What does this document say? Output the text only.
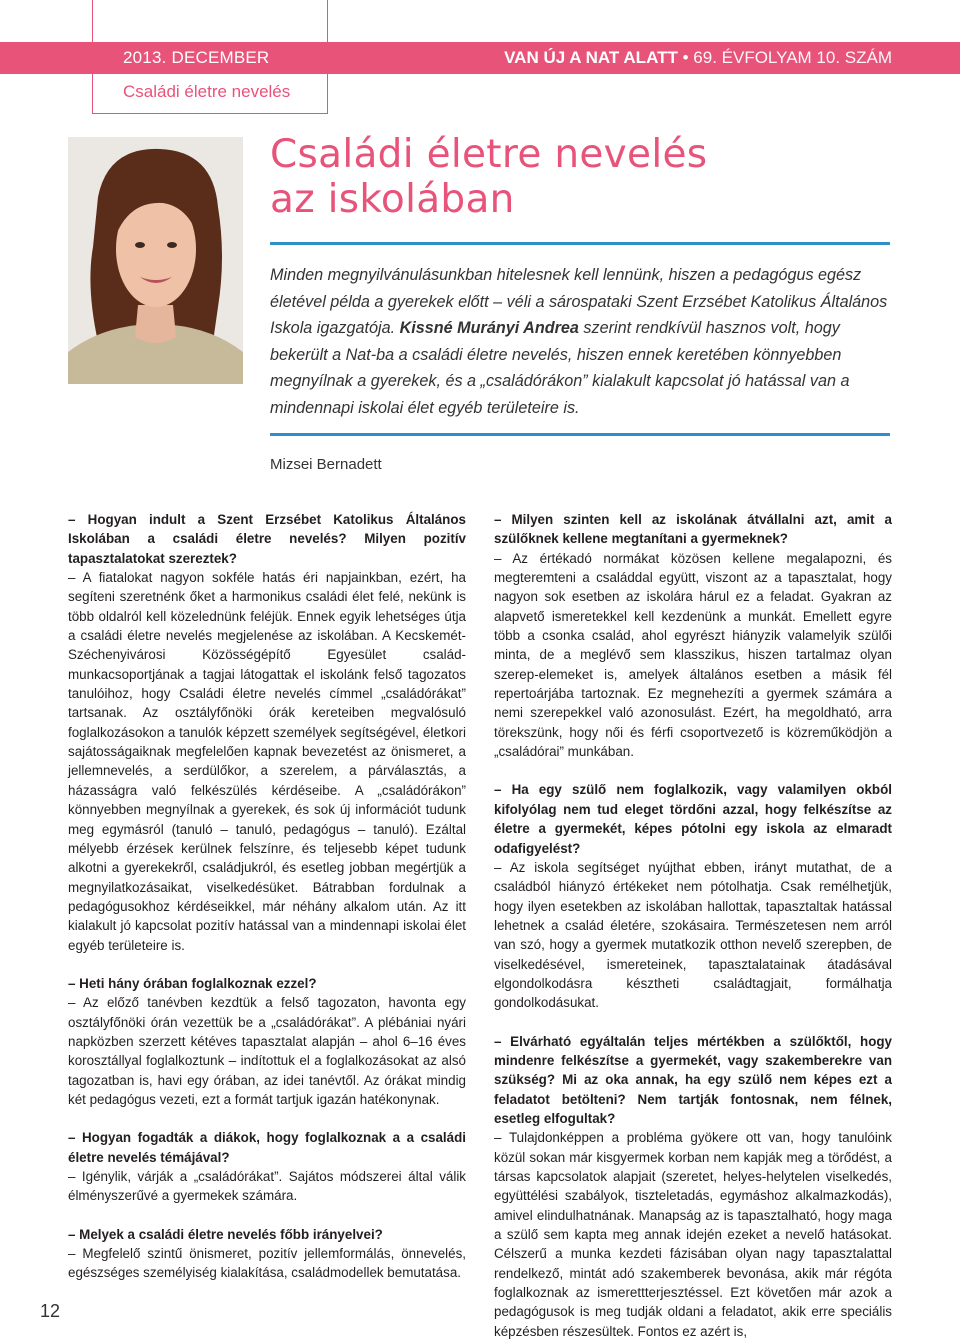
2013. DECEMBER	VAN ÚJ A NAT ALATT • 69. ÉVFOLYAM 10. SZÁM
Családi életre nevelés
Családi életre nevelés
az iskolában
Minden megnyilvánulásunkban hitelesnek kell lennünk, hiszen a pedagógus egész életével példa a gyerekek előtt – véli a sárospataki Szent Erzsébet Katolikus Általános Iskola igazgatója. Kissné Murányi Andrea szerint rendkívül hasznos volt, hogy bekerült a Nat-ba a családi életre nevelés, hiszen ennek keretében könnyebben megnyílnak a gyerekek, és a „családórákon” kialakult kapcsolat jó hatással van a mindennapi iskolai élet egyéb területeire is.
Mizsei Bernadett

– Hogyan indult a Szent Erzsébet Katolikus Általános Iskolában a családi életre nevelés? Milyen pozitív tapasztalatokat szereztek?

– A fiatalokat nagyon sokféle hatás éri napjainkban, ezért, ha segíteni szeretnénk őket a harmonikus családi élet felé, nekünk is több oldalról kell közelednünk feléjük. Ennek egyik lehetséges útja a családi életre nevelés megjelenése az iskolában. A Kecskemét-Széchenyivárosi Közösségépítő Egyesület család-munkacsoportjának a tagjai látogattak el iskolánk felső tagozatos tanulóihoz, hogy Családi életre nevelés címmel „családórákat” tartsanak. Az osztályfőnöki órák kereteiben megvalósuló foglalkozásokon a tanulók képzett személyek segítségével, életkori sajátosságaiknak megfelelően kapnak bevezetést az önismeret, a jellemnevelés, a serdülőkor, a szerelem, a párválasztás, a házasságra való felkészülés kérdéseibe. A „családórákon” könnyebben megnyílnak a gyerekek, és sok új információt tudunk meg egymásról (tanuló – tanuló, pedagógus – tanuló). Ezáltal mélyebb érzések kerülnek felszínre, és teljesebb képet tudunk alkotni a gyerekekről, családjukról, és esetleg jobban megértjük a megnyilatkozásaikat, viselkedésüket. Bátrabban fordulnak a pedagógusokhoz kérdéseikkel, már néhány alkalom után. Az itt kialakult jó kapcsolat pozitív hatással van a mindennapi iskolai élet egyéb területeire is.

– Heti hány órában foglalkoznak ezzel?

– Az előző tanévben kezdtük a felső tagozaton, havonta egy osztályfőnöki órán vezettük be a „családórákat”. A plébániai nyári napközben szerzett kétéves tapasztalat alapján – ahol 6–16 éves korosztállyal foglalkoztunk – indítottuk el a foglalkozásokat az alsó tagozatban is, havi egy órában, az idei tanévtől. Az órákat mindig két pedagógus vezeti, ezt a formát tartjuk igazán hatékonynak.

– Hogyan fogadták a diákok, hogy foglalkoznak a a családi életre nevelés témájával?

– Igénylik, várják a „családórákat”. Sajátos módszerei által válik élményszerűvé a gyermekek számára.

– Melyek a családi életre nevelés főbb irányelvei?

– Megfelelő szintű önismeret, pozitív jellemformálás, önnevelés, egészséges személyiség kialakítása, családmodellek bemutatása.

– Milyen szinten kell az iskolának átvállalni azt, amit a szülőknek kellene megtanítani a gyermeknek?

– Az értékadó normákat közösen kellene megalapozni, és megteremteni a családdal együtt, viszont az a tapasztalat, hogy nagyon sok esetben az iskolára hárul ez a feladat. Gyakran az alapvető ismeretekkel kell kezdenünk a munkát. Emellett egyre több a csonka család, ahol egyrészt hiányzik valamelyik szülői minta, de a meglévő sem klasszikus, hiszen tartalmaz olyan szerep-elemeket is, amelyek általános esetben a másik fél repertoárjába tartoznak. Ez megnehezíti a gyermek számára a nemi szerepekkel való azonosulást. Ezért, ha megoldható, arra törekszünk, hogy női és férfi csoportvezető is közreműködjön a „családórai” munkában.

– Ha egy szülő nem foglalkozik, vagy valamilyen okból kifolyólag nem tud eleget tördőni azzal, hogy felkészítse az életre a gyermekét, képes pótolni egy iskola az elmaradt odafigyelést?

– Az iskola segítséget nyújthat ebben, irányt mutathat, de a családból hiányzó értékeket nem pótolhatja. Csak remélhetjük, hogy ilyen esetekben az iskolában hallottak, tapasztaltak hatással lehetnek a család életére, szokásaira. Természetesen nem arról van szó, hogy a gyermek mutatkozik otthon nevelő szerepben, de viselkedésével, ismereteinek, tapasztalatainak átadásával elgondolkodásra késztheti családtagjait, formálhatja gondolkodásukat.

– Elvárható egyáltalán teljes mértékben a szülőktől, hogy mindenre felkészítse a gyermekét, vagy szakemberekre van szükség? Mi az oka annak, ha egy szülő nem képes ezt a feladatot betölteni? Nem tartják fontosnak, nem félnek, esetleg elfogultak?

– Tulajdonképpen a probléma gyökere ott van, hogy tanulóink közül sokan már kisgyermek korban nem kapják meg a törődést, a társas kapcsolatok alapjait (szeretet, helyes-helytelen viselkedés, együttélési szabályok, tiszteletadás, egymáshoz alkalmazkodás), amivel elindulhatnának. Manapság az is tapasztalható, hogy maga a szülő sem kapta meg annak idején ezeket a nevelő hatásokat. Célszerű a munka kezdeti fázisában olyan nagy tapasztalattal rendelkező, mintát adó szakemberek bevonása, akik már régóta foglalkoznak az ismerettterjesztéssel. Ezt követően már azok a pedagógusok is meg tudják oldani a feladatot, akik erre speciális képzésben részesültek. Fontos ez azért is,

12
